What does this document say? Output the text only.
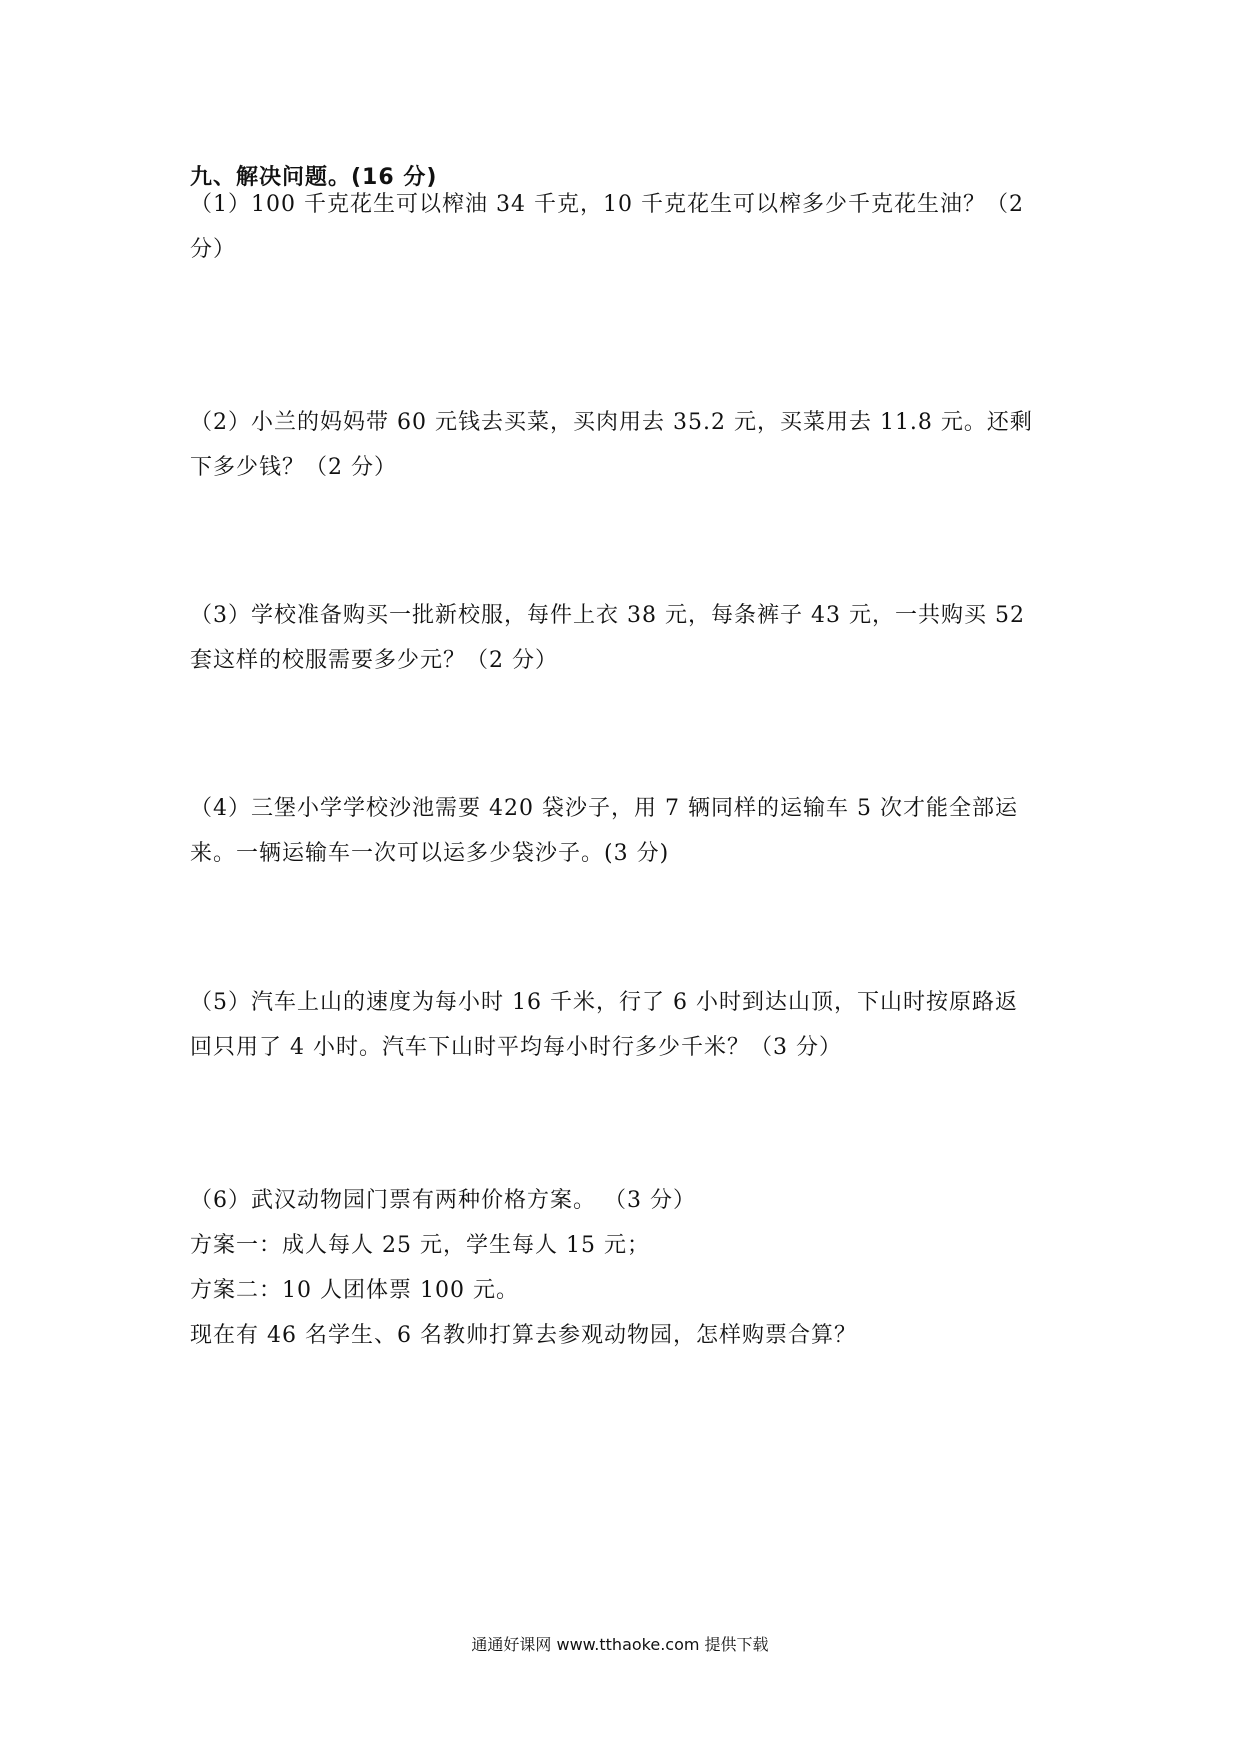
九、解决问题。(16 分)
（1）100 千克花生可以榨油 34 千克，10 千克花生可以榨多少千克花生油？（2
分）
（2）小兰的妈妈带 60 元钱去买菜，买肉用去 35.2 元，买菜用去 11.8 元。还剩
下多少钱？（2 分）
（3）学校准备购买一批新校服，每件上衣 38 元，每条裤子 43 元，一共购买 52
套这样的校服需要多少元？（2 分）
（4）三堡小学学校沙池需要 420 袋沙子，用 7 辆同样的运输车 5 次才能全部运
来。一辆运输车一次可以运多少袋沙子。(3 分)
（5）汽车上山的速度为每小时 16 千米，行了 6 小时到达山顶，下山时按原路返
回只用了 4 小时。汽车下山时平均每小时行多少千米？（3 分）
（6）武汉动物园门票有两种价格方案。 （3 分）
方案一：成人每人 25 元，学生每人 15 元；
方案二：10 人团体票 100 元。
现在有 46 名学生、6 名教帅打算去参观动物园，怎样购票合算？
通通好课网 www.tthaoke.com 提供下载
